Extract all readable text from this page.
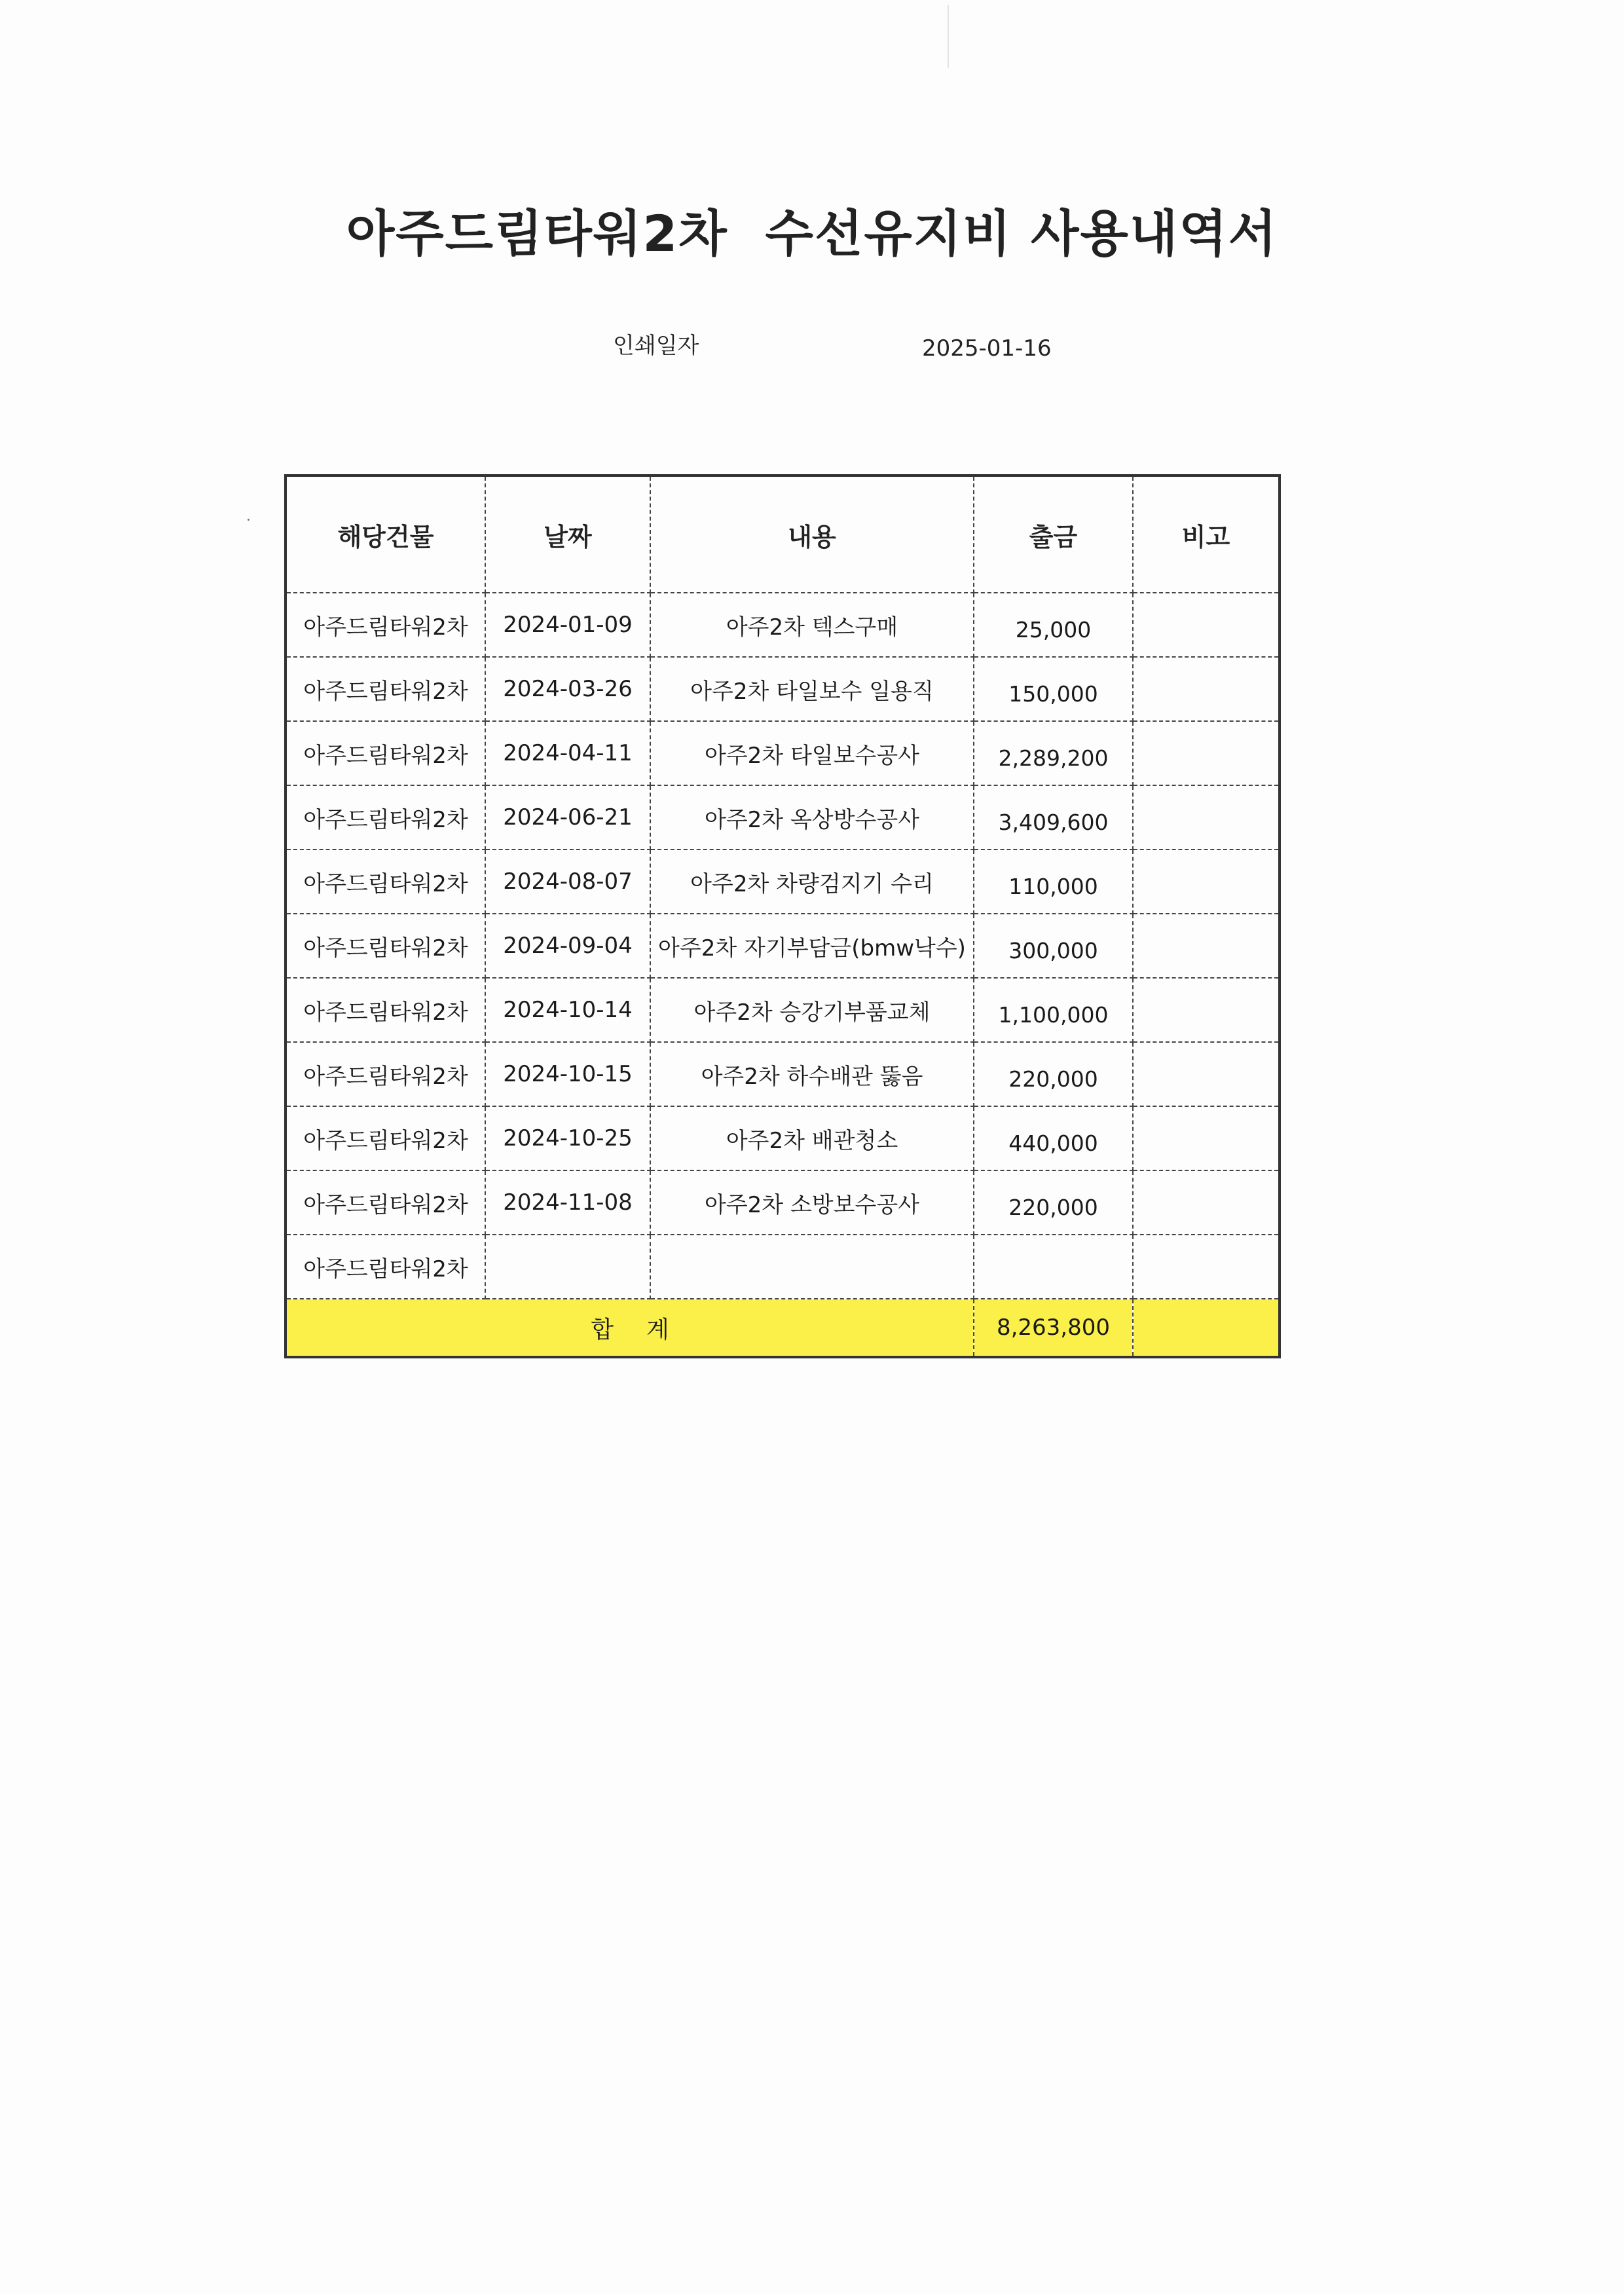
아주드림타워2차  수선유지비 사용내역서
인쇄일자	2025-01-16
해당건물	날짜	내용	출금	비고
아주드림타워2차	2024-01-09	아주2차 텍스구매	25,000	
아주드림타워2차	2024-03-26	아주2차 타일보수 일용직	150,000	
아주드림타워2차	2024-04-11	아주2차 타일보수공사	2,289,200	
아주드림타워2차	2024-06-21	아주2차 옥상방수공사	3,409,600	
아주드림타워2차	2024-08-07	아주2차 차량검지기 수리	110,000	
아주드림타워2차	2024-09-04	아주2차 자기부담금(bmw낙수)	300,000	
아주드림타워2차	2024-10-14	아주2차 승강기부품교체	1,100,000	
아주드림타워2차	2024-10-15	아주2차 하수배관 뚫음	220,000	
아주드림타워2차	2024-10-25	아주2차 배관청소	440,000	
아주드림타워2차	2024-11-08	아주2차 소방보수공사	220,000	
아주드림타워2차				
합계			8,263,800	
